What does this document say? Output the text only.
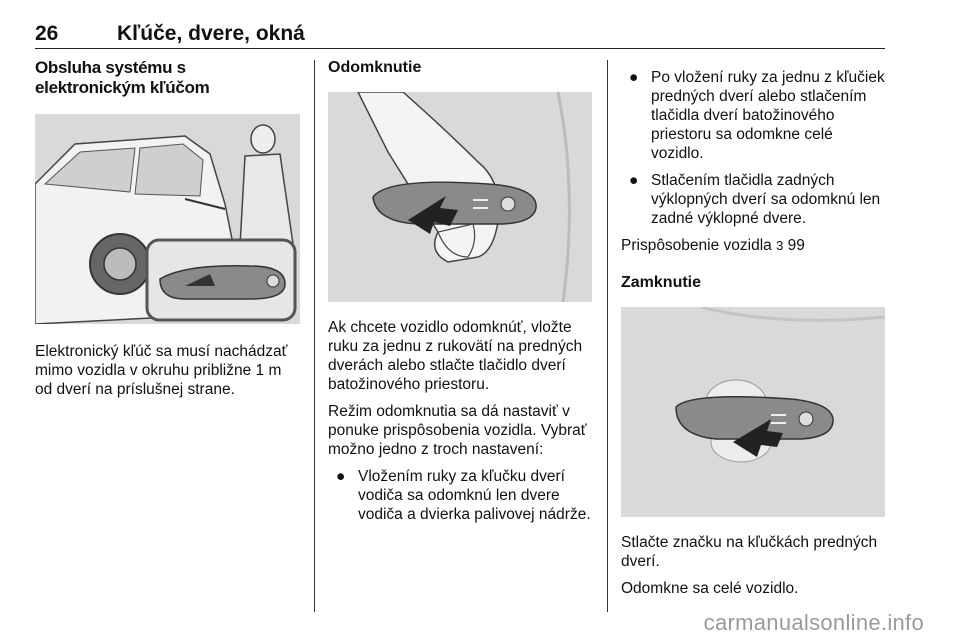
26	Kľúče, dvere, okná
Obsluha systému s elektronickým kľúčom

Elektronický kľúč sa musí nachádzať mimo vozidla v okruhu približne 1 m od dverí na príslušnej strane.

Odomknutie

Ak chcete vozidlo odomknúť, vložte ruku za jednu z rukovätí na predných dverách alebo stlačte tlačidlo dverí batožinového priestoru.

Režim odomknutia sa dá nastaviť v ponuke prispôsobenia vozidla. Vybrať možno jedno z troch nastavení:

● Vložením ruky za kľučku dverí vodiča sa odomknú len dvere vodiča a dvierka palivovej nádrže.
● Po vložení ruky za jednu z kľučiek predných dverí alebo stlačením tlačidla dverí batožinového priestoru sa odomkne celé vozidlo.
● Stlačením tlačidla zadných výklopných dverí sa odomknú len zadné výklopné dvere.

Prispôsobenie vozidla 3 99

Zamknutie

Stlačte značku na kľučkách predných dverí.

Odomkne sa celé vozidlo.

carmanualsonline.info
